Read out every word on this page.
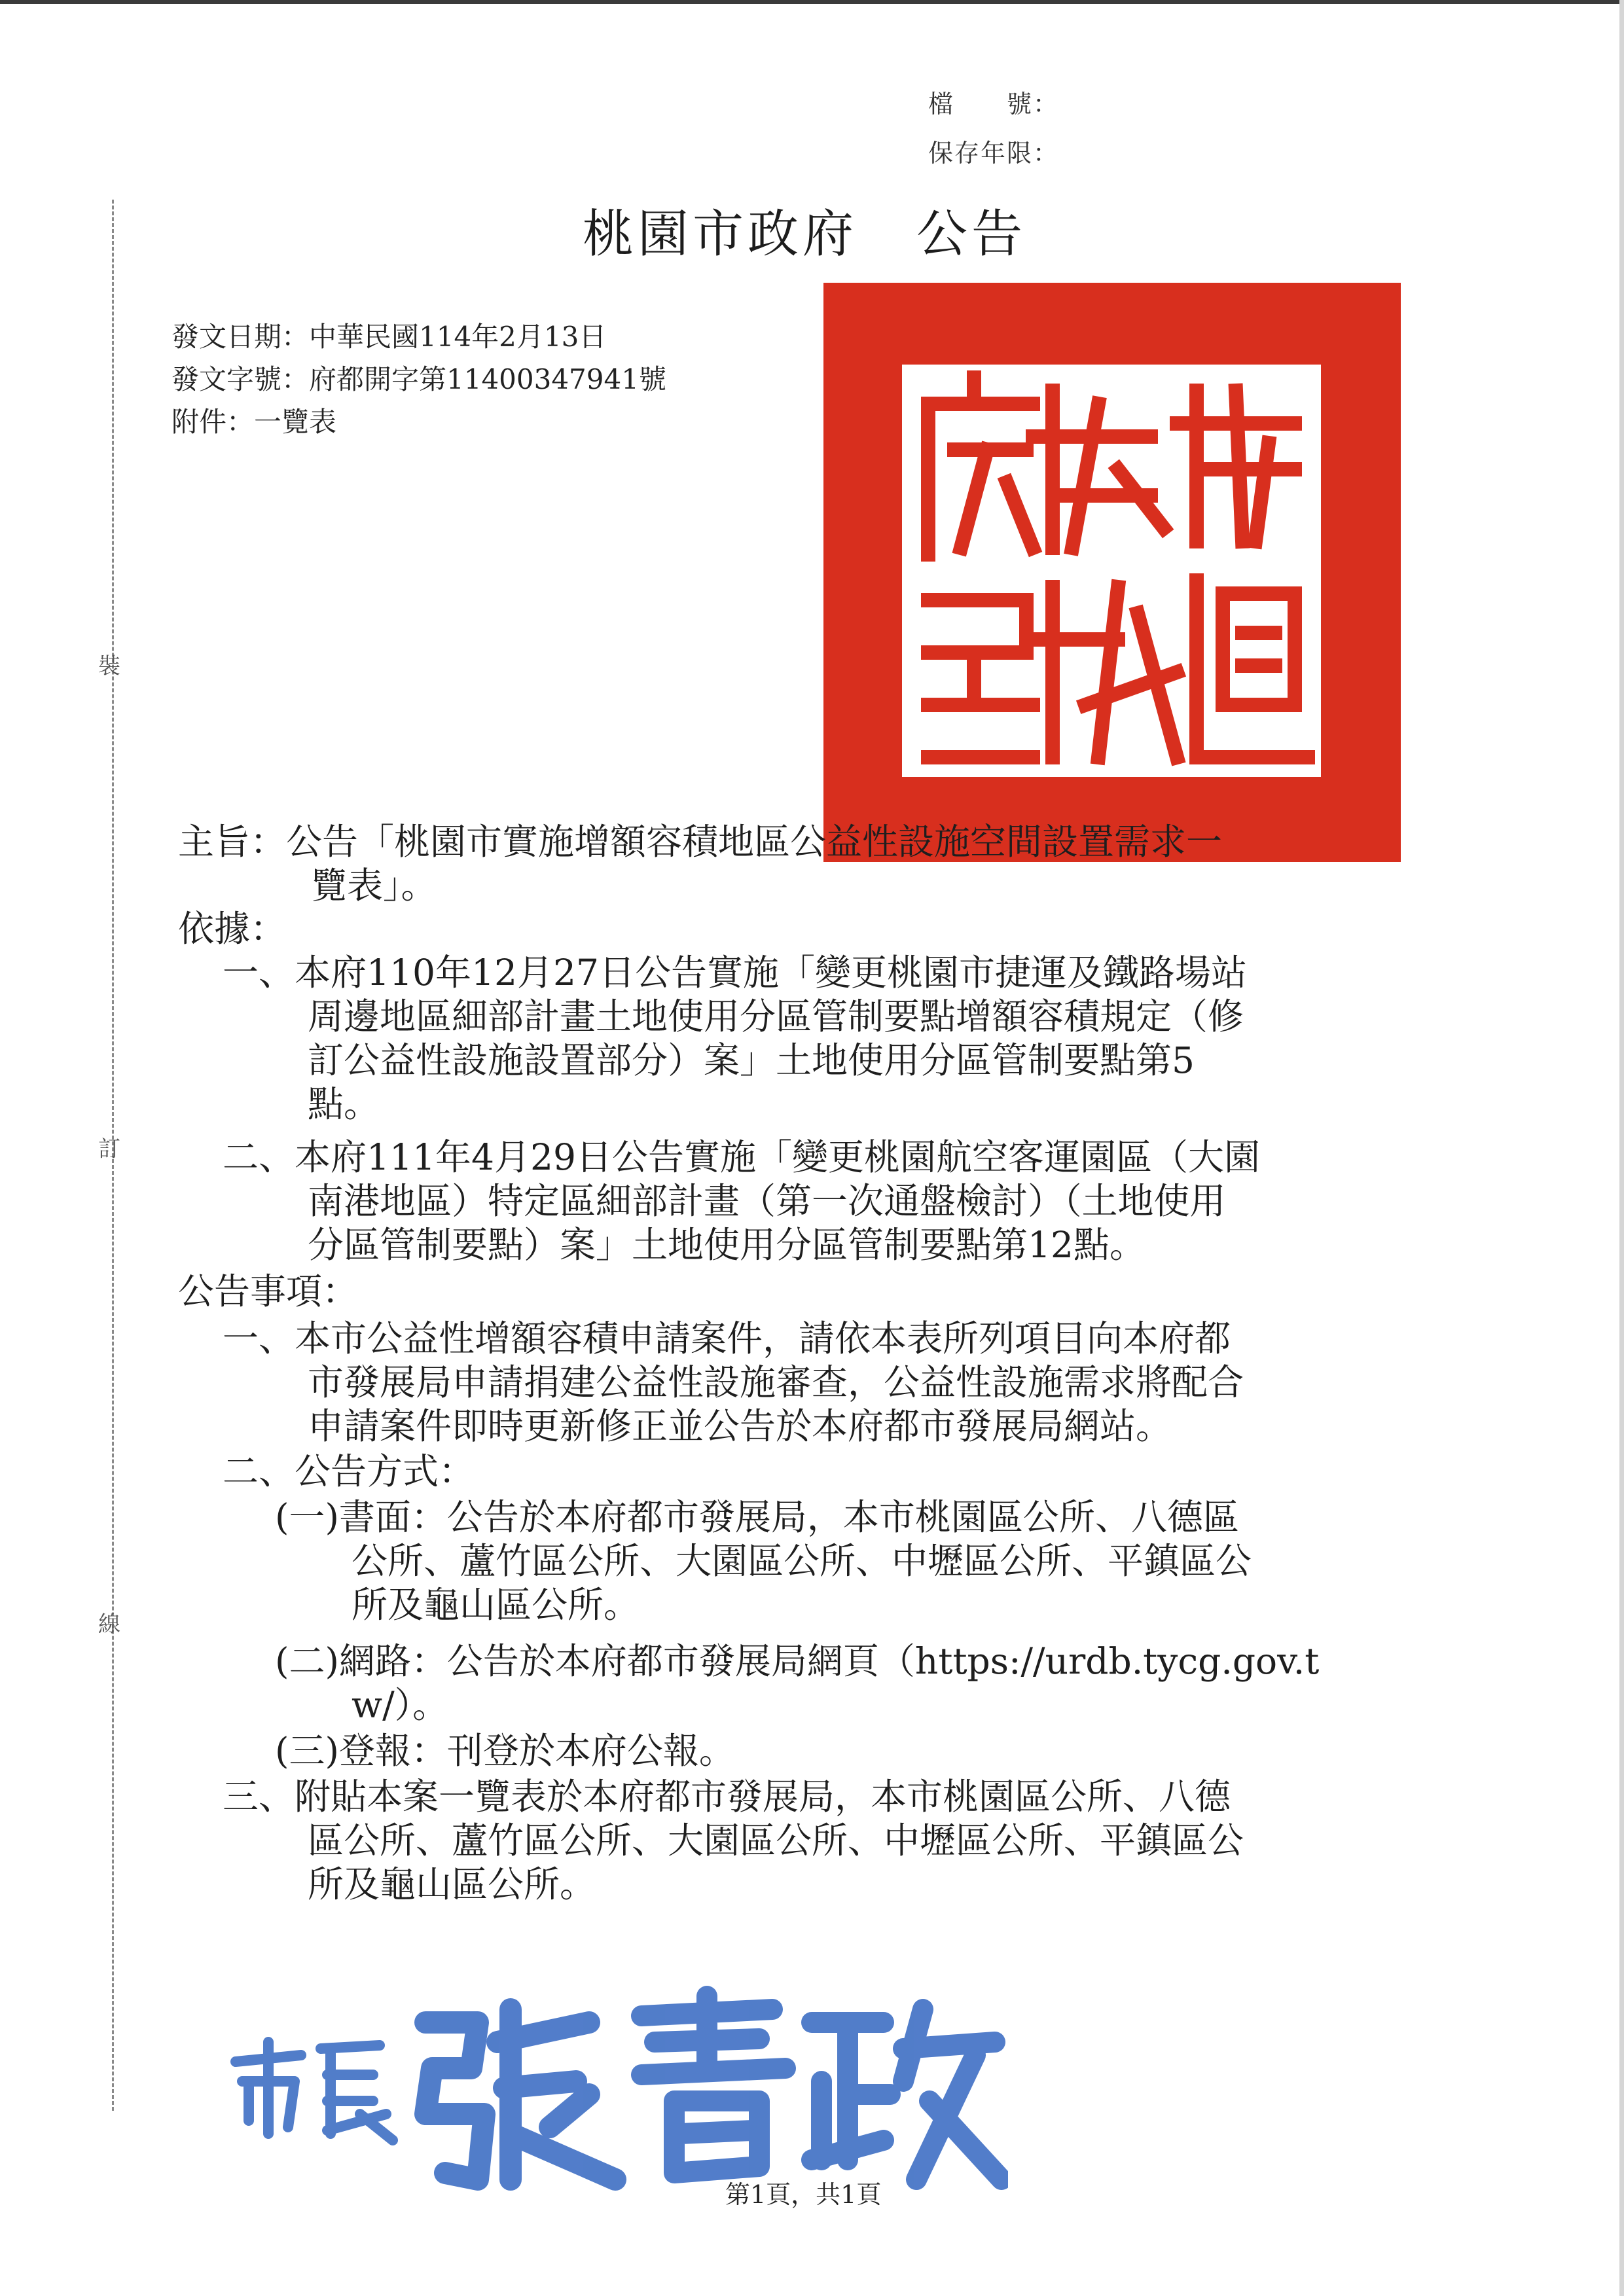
檔　　號：
保存年限：
裝
訂
線
桃園市政府 公告
發文日期：中華民國114年2月13日
發文字號：府都開字第11400347941號
附件：一覽表
主旨：公告「桃園市實施增額容積地區公益性設施空間設置需求一
覽表」。
依據：
一、本府110年12月27日公告實施「變更桃園市捷運及鐵路場站
周邊地區細部計畫土地使用分區管制要點增額容積規定（修
訂公益性設施設置部分）案」土地使用分區管制要點第5
點。
二、本府111年4月29日公告實施「變更桃園航空客運園區（大園
南港地區）特定區細部計畫（第一次通盤檢討）（土地使用
分區管制要點）案」土地使用分區管制要點第12點。
公告事項：
一、本市公益性增額容積申請案件，請依本表所列項目向本府都
市發展局申請捐建公益性設施審查，公益性設施需求將配合
申請案件即時更新修正並公告於本府都市發展局網站。
二、公告方式：
(一)書面：公告於本府都市發展局，本市桃園區公所、八德區
公所、蘆竹區公所、大園區公所、中壢區公所、平鎮區公
所及龜山區公所。
(二)網路：公告於本府都市發展局網頁（https://urdb.tycg.gov.t
w/）。
(三)登報：刊登於本府公報。
三、附貼本案一覽表於本府都市發展局，本市桃園區公所、八德
區公所、蘆竹區公所、大園區公所、中壢區公所、平鎮區公
所及龜山區公所。
第1頁，共1頁
